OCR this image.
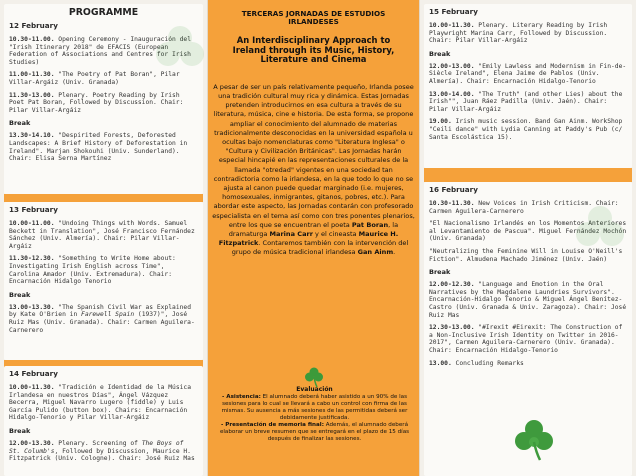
PROGRAMME
12 February
10.30-11.00. Opening Ceremony - Inauguración del "Irish Itinerary 2018" de EFACIS (European Federation of Associations and Centres for Irish Studies)
11.00-11.30. "The Poetry of Pat Boran", Pilar Villar-Argáiz (Univ. Granada)
11.30-13.00. Plenary. Poetry Reading by Irish Poet Pat Boran, Followed by Discussion. Chair: Pilar Villar-Argáiz
Break
13.30-14.10. "Despirited Forests, Deforested Landscapes: A Brief History of Deforestation in Ireland". Marjan Shokouhi (Univ. Sunderland). Chair: Elisa Serna Martínez
13 February
10.00-11.00. "Undoing Things with Words. Samuel Beckett in Translation", José Francisco Fernández Sánchez (Univ. Almería). Chair: Pilar Villar-Argáiz
11.30-12.30. "Something to Write Home about: Investigating Irish English across Time", Carolina Amador (Univ. Extremadura). Chair: Encarnación Hidalgo Tenorio
Break
13.00-13.30. "The Spanish Civil War as Explained by Kate O'Brien in Farewell Spain (1937)", José Ruiz Mas (Univ. Granada). Chair: Carmen Aguilera-Carnerero
14 February
10.00-11.30. "Tradición e Identidad de la Música Irlandesa en nuestros Días", Ángel Vázquez Becerra, Miguel Navarro Lugero (fiddle) y Luis García Pulido (button box). Chairs: Encarnación Hidalgo-Tenorio y Pilar Villar-Argáiz
Break
12.00-13.30. Plenary. Screening of The Boys of St. Columb's, Followed by Discussion, Maurice H. Fitzpatrick (Univ. Cologne). Chair: José Ruiz Mas
TERCERAS JORNADAS DE ESTUDIOS IRLANDESES
An Interdisciplinary Approach to Ireland through its Music, History, Literature and Cinema
A pesar de ser un país relativamente pequeño, Irlanda posee una tradición cultural muy rica y dinámica. Estas Jornadas pretenden introducirnos en esa cultura a través de su literatura, música, cine e historia. De esta forma, se propone ampliar el conocimiento del alumnado de materias tradicionalmente desconocidas en la universidad española u ocultas bajo nomenclaturas como "Literatura Inglesa" o "Cultura y Civilización Británicas". Las Jornadas harán especial hincapié en las representaciones culturales de la llamada "otredad" vigentes en una sociedad tan contradictoria como la irlandesa, en la que todo lo que no se ajusta al canon puede quedar marginado (i.e. mujeres, homosexuales, inmigrantes, gitanos, pobres, etc.). Para abordar este aspecto, las Jornadas contarán con profesorado especialista en el tema así como con tres ponentes plenarios, entre los que se encuentran el poeta Pat Boran, la dramaturga Marina Carr y el cineasta Maurice H. Fitzpatrick. Contaremos también con la intervención del grupo de música tradicional irlandesa Gan Ainm.
Evaluación
- Asistencia: El alumnado deberá haber asistido a un 90% de las sesiones para lo cual se llevará a cabo un control con firma de las mismas. Su ausencia a más sesiones de las permitidas deberá ser debidamente justificada.
- Presentación de memoria final: Además, el alumnado deberá elaborar un breve resumen que se entregará en el plazo de 15 días después de finalizar las sesiones.
15 February
10.00-11.30. Plenary. Literary Reading by Irish Playwright Marina Carr, Followed by Discussion. Chair: Pilar Villar-Argáiz
Break
12.00-13.00. "Emily Lawless and Modernism in Fin-de-Siècle Ireland", Elena Jaime de Pablos (Univ. Almería). Chair: Encarnación Hidalgo-Tenorio
13.00-14.00. "The Truth" (and other Lies) about the Irish"", Juan Ráez Padilla (Univ. Jaén). Chair: Pilar Villar-Argáiz
19.00. Irish music session. Band Gan Ainm. WorkShop "Ceili dance" with Lydia Canning at Paddy's Pub (c/ Santa Escolástica 15).
16 February
10.30-11.30. New Voices in Irish Criticism. Chair: Carmen Aguilera-Carnerero
"El Nacionalismo Irlandés en los Momentos Anteriores al Levantamiento de Pascua". Miguel Fernández Mochón (Univ. Granada)
"Neutralizing the Feminine Will in Louise O'Neill's Fiction". Almudena Machado Jiménez (Univ. Jaén)
Break
12.00-12.30. "Language and Emotion in the Oral Narratives by the Magdalene Laundries Survivors". Encarnación-Hidalgo Tenorio & Miguel Ángel Benítez-Castro (Univ. Granada & Univ. Zaragoza). Chair: José Ruiz Mas
12.30-13.00. "#Irexit #Eirexit: The Construction of a Non-Inclusive Irish Identity on Twitter in 2016-2017", Carmen Aguilera-Carnerero (Univ. Granada). Chair: Encarnación Hidalgo-Tenorio
13.00. Concluding Remarks
